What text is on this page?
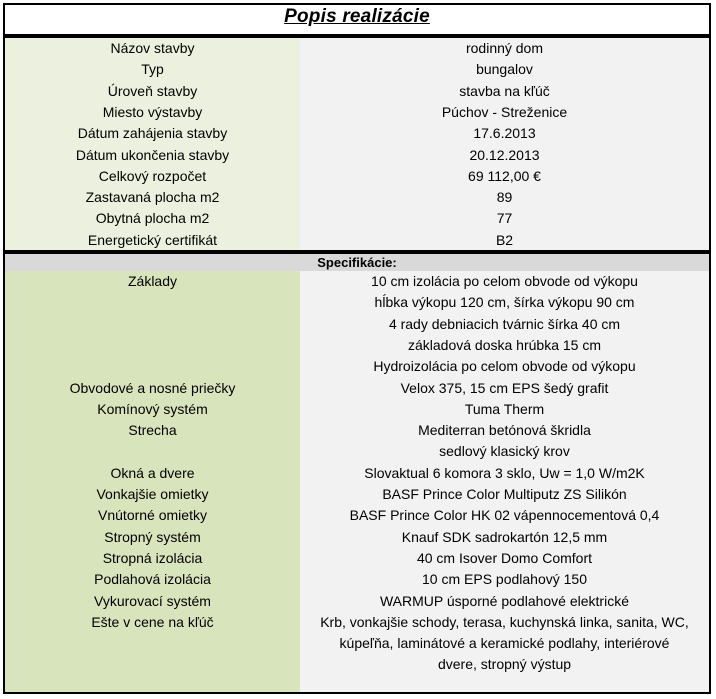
Popis realizácie
Názov stavby	rodinný dom
Typ	bungalov
Úroveň stavby	stavba na kľúč
Miesto výstavby	Púchov - Streženice
Dátum zahájenia stavby	17.6.2013
Dátum ukončenia stavby	20.12.2013
Celkový rozpočet	69 112,00 €
Zastavaná plocha m2	89
Obytná plocha m2	77
Energetický certifikát	B2
Specifikácie:
Základy	10 cm izolácia po celom obvode od výkopu
hĺbka výkopu 120 cm, šírka výkopu 90 cm
4 rady debniacich tvárnic šírka 40 cm
základová doska hrúbka 15 cm
Hydroizolácia po celom obvode od výkopu
Obvodové a nosné priečky	Velox 375, 15 cm EPS šedý grafit
Komínový systém	Tuma Therm
Strecha	Mediterran betónová škridla
sedlový klasický krov
Okná a dvere	Slovaktual 6 komora 3 sklo, Uw = 1,0 W/m2K
Vonkajšie omietky	BASF Prince Color Multiputz ZS Silikón
Vnútorné omietky	BASF Prince Color HK 02 vápennocementová 0,4
Stropný systém	Knauf SDK sadrokartón 12,5 mm
Stropná izolácia	40 cm Isover Domo Comfort
Podlahová izolácia	10 cm EPS podlahový 150
Vykurovací systém	WARMUP úsporné podlahové elektrické
Ešte v cene na kľúč	Krb, vonkajšie schody, terasa, kuchynská linka, sanita, WC,
kúpeľňa, laminátové a keramické podlahy, interiérové
dvere, stropný výstup
